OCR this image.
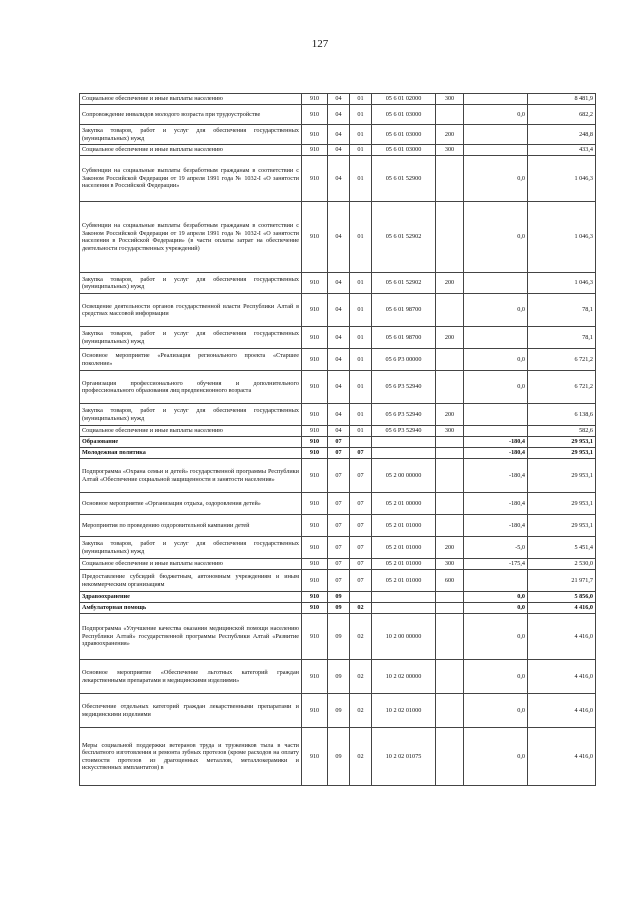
127
Социальное обеспечение и иные выплаты населению	910	04	01	05 6 01 02000	300		8 481,9
Сопровождение инвалидов молодого возраста при трудоустройстве	910	04	01	05 6 01 03000		0,0	682,2
Закупка товаров, работ и услуг для обеспечения государственных (муниципальных) нужд	910	04	01	05 6 01 03000	200		248,8
Социальное обеспечение и иные выплаты населению	910	04	01	05 6 01 03000	300		433,4
Субвенции на социальные выплаты безработным гражданам в соответствии с Законом Российской Федерации от 19 апреля 1991 года № 1032-I «О занятости населения в Российской Федерации»	910	04	01	05 6 01 52900		0,0	1 046,3
Субвенции на социальные выплаты безработным гражданам в соответствии с Законом Российской Федерации от 19 апреля 1991 года № 1032-I «О занятости населения в Российской Федерации» (в части оплаты затрат на обеспечение деятельности государственных учреждений)	910	04	01	05 6 01 52902		0,0	1 046,3
Закупка товаров, работ и услуг для обеспечения государственных (муниципальных) нужд	910	04	01	05 6 01 52902	200		1 046,3
Освещение деятельности органов государственной власти Республики Алтай в средствах массовой информации	910	04	01	05 6 01 98700		0,0	78,1
Закупка товаров, работ и услуг для обеспечения государственных (муниципальных) нужд	910	04	01	05 6 01 98700	200		78,1
Основное мероприятие «Реализация регионального проекта «Старшее поколение»	910	04	01	05 6 P3 00000		0,0	6 721,2
Организация профессионального обучения и дополнительного профессионального образования лиц предпенсионного возраста	910	04	01	05 6 P3 52940		0,0	6 721,2
Закупка товаров, работ и услуг для обеспечения государственных (муниципальных) нужд	910	04	01	05 6 P3 52940	200		6 138,6
Социальное обеспечение и иные выплаты населению	910	04	01	05 6 P3 52940	300		582,6
Образование	910	07				-180,4	29 953,1
Молодежная политика	910	07	07			-180,4	29 953,1
Подпрограмма «Охрана семьи и детей» государственной программы Республики Алтай «Обеспечение социальной защищенности и занятости населения»	910	07	07	05 2 00 00000		-180,4	29 953,1
Основное мероприятие «Организация отдыха, оздоровления детей»	910	07	07	05 2 01 00000		-180,4	29 953,1
Мероприятия по проведению оздоровительной кампании детей	910	07	07	05 2 01 01000		-180,4	29 953,1
Закупка товаров, работ и услуг для обеспечения государственных (муниципальных) нужд	910	07	07	05 2 01 01000	200	-5,0	5 451,4
Социальное обеспечение и иные выплаты населению	910	07	07	05 2 01 01000	300	-175,4	2 530,0
Предоставление субсидий бюджетным, автономным учреждениям и иным некоммерческим организациям	910	07	07	05 2 01 01000	600		21 971,7
Здравоохранение	910	09				0,0	5 856,0
Амбулаторная помощь	910	09	02			0,0	4 416,0
Подпрограмма «Улучшение качества оказания медицинской помощи населению Республики Алтай» государственной программы Республики Алтай «Развитие здравоохранения»	910	09	02	10 2 00 00000		0,0	4 416,0
Основное мероприятие «Обеспечение льготных категорий граждан лекарственными препаратами и медицинскими изделиями»	910	09	02	10 2 02 00000		0,0	4 416,0
Обеспечение отдельных категорий граждан лекарственными препаратами и медицинскими изделиями	910	09	02	10 2 02 01000		0,0	4 416,0
Меры социальной поддержки ветеранов труда и тружеников тыла в части бесплатного изготовления и ремонта зубных протезов (кроме расходов на оплату стоимости протезов из драгоценных металлов, металлокерамики и искусственных имплантатов) в	910	09	02	10 2 02 01075		0,0	4 416,0
